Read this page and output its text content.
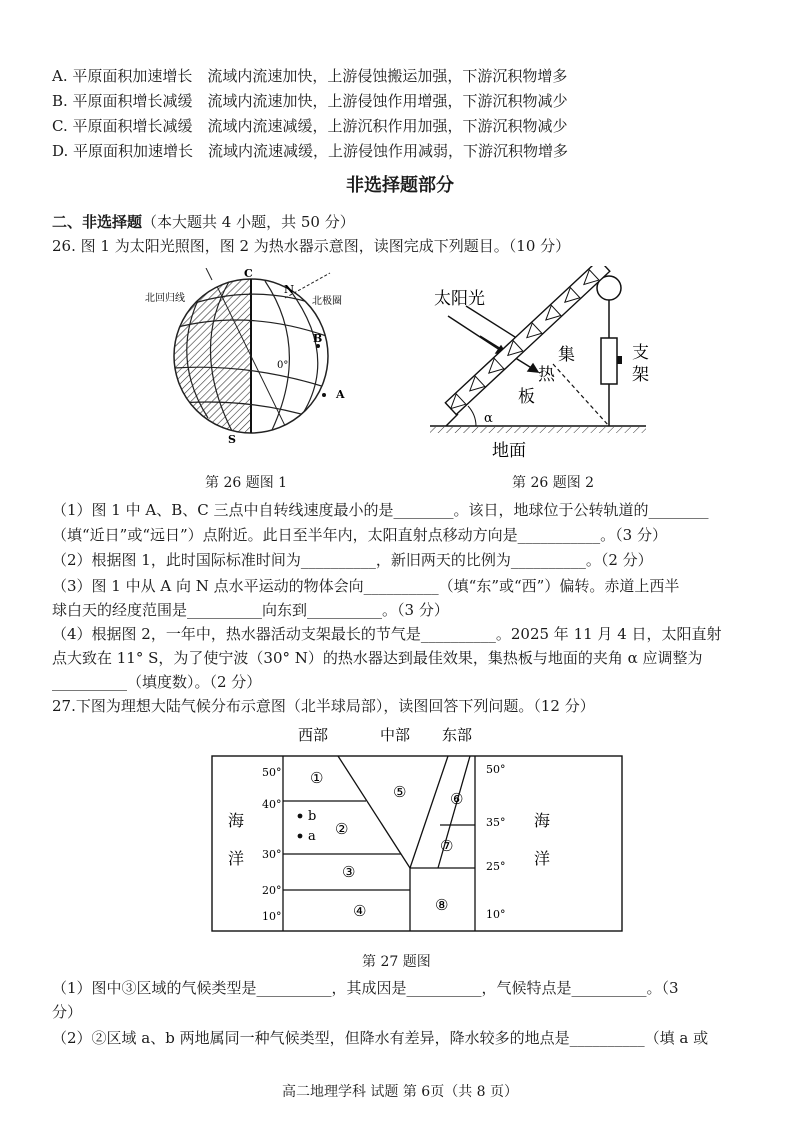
A. 平原面积加速增长　流域内流速加快，上游侵蚀搬运加强，下游沉积物增多
B. 平原面积增长减缓　流域内流速加快，上游侵蚀作用增强，下游沉积物减少
C. 平原面积增长减缓　流域内流速减缓，上游沉积作用加强，下游沉积物减少
D. 平原面积加速增长　流域内流速减缓，上游侵蚀作用减弱，下游沉积物增多
非选择题部分
二、非选择题（本大题共 4 小题，共 50 分）
26. 图 1 为太阳光照图，图 2 为热水器示意图，读图完成下列题目。（10 分）
北回归线	北极圈
C
N
B
A
S
0°
第 26 题图 1
太阳光
α
集
热
板
支
架
地面
第 26 题图 2
（1）图 1 中 A、B、C 三点中自转线速度最小的是________。该日，地球位于公转轨道的________
（填“近日”或“远日”）点附近。此日至半年内，太阳直射点移动方向是___________。（3 分）
（2）根据图 1，此时国际标准时间为__________，新旧两天的比例为__________。（2 分）
（3）图 1 中从 A 向 N 点水平运动的物体会向__________（填“东”或“西”）偏转。赤道上西半
球白天的经度范围是__________向东到__________。（3 分）
（4）根据图 2，一年中，热水器活动支架最长的节气是__________。2025 年 11 月 4 日，太阳直射
点大致在 11° S，为了使宁波（30° N）的热水器达到最佳效果，集热板与地面的夹角 α 应调整为
__________（填度数）。（2 分）
27.下图为理想大陆气候分布示意图（北半球局部），读图回答下列问题。（12 分）
西部	中部 东部
海
洋
海
洋
50°
40°
30°
20°
10°
50°
35°
25°
10°
①
②
③
④
⑤	⑥
⑦
⑧
b
a
第 27 题图
（1）图中③区域的气候类型是__________，其成因是__________，气候特点是__________。（3
分）
（2）②区域 a、b 两地属同一种气候类型，但降水有差异，降水较多的地点是__________（填 a 或
高二地理学科 试题 第 6页（共 8 页）
